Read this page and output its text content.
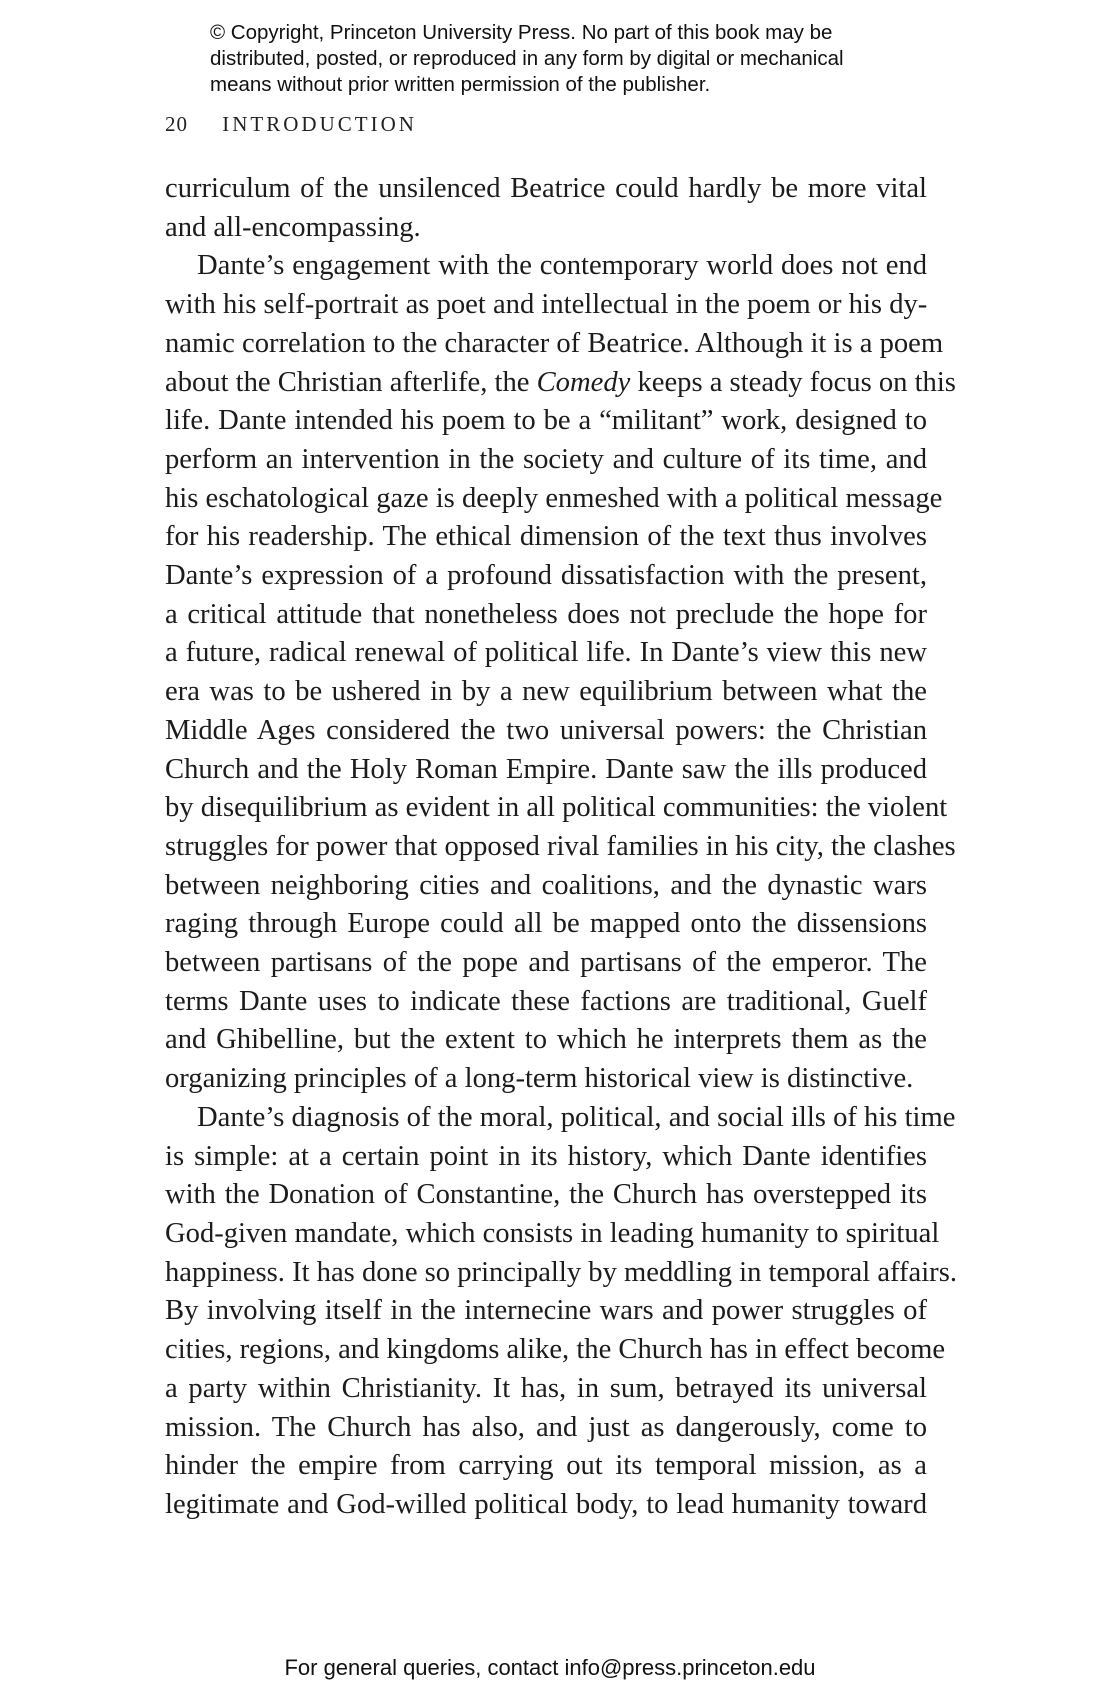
© Copyright, Princeton University Press. No part of this book may be
distributed, posted, or reproduced in any form by digital or mechanical
means without prior written permission of the publisher.
20 INTRODUCTION
curriculum of the unsilenced Beatrice could hardly be more vital
and all-encompassing.
Dante’s engagement with the contemporary world does not end
with his self-portrait as poet and intellectual in the poem or his dy-
namic correlation to the character of Beatrice. Although it is a poem
about the Christian afterlife, the Comedy keeps a steady focus on this
life. Dante intended his poem to be a “militant” work, designed to
perform an intervention in the society and culture of its time, and
his eschatological gaze is deeply enmeshed with a political message
for his readership. The ethical dimension of the text thus involves
Dante’s expression of a profound dissatisfaction with the present,
a critical attitude that nonetheless does not preclude the hope for
a future, radical renewal of political life. In Dante’s view this new
era was to be ushered in by a new equilibrium between what the
Middle Ages considered the two universal powers: the Christian
Church and the Holy Roman Empire. Dante saw the ills produced
by disequilibrium as evident in all political communities: the violent
struggles for power that opposed rival families in his city, the clashes
between neighboring cities and coalitions, and the dynastic wars
raging through Europe could all be mapped onto the dissensions
between partisans of the pope and partisans of the emperor. The
terms Dante uses to indicate these factions are traditional, Guelf
and Ghibelline, but the extent to which he interprets them as the
organizing principles of a long-term historical view is distinctive.
Dante’s diagnosis of the moral, political, and social ills of his time
is simple: at a certain point in its history, which Dante identifies
with the Donation of Constantine, the Church has overstepped its
God-given mandate, which consists in leading humanity to spiritual
happiness. It has done so principally by meddling in temporal affairs.
By involving itself in the internecine wars and power struggles of
cities, regions, and kingdoms alike, the Church has in effect become
a party within Christianity. It has, in sum, betrayed its universal
mission. The Church has also, and just as dangerously, come to
hinder the empire from carrying out its temporal mission, as a
legitimate and God-willed political body, to lead humanity toward
For general queries, contact info@press.princeton.edu
